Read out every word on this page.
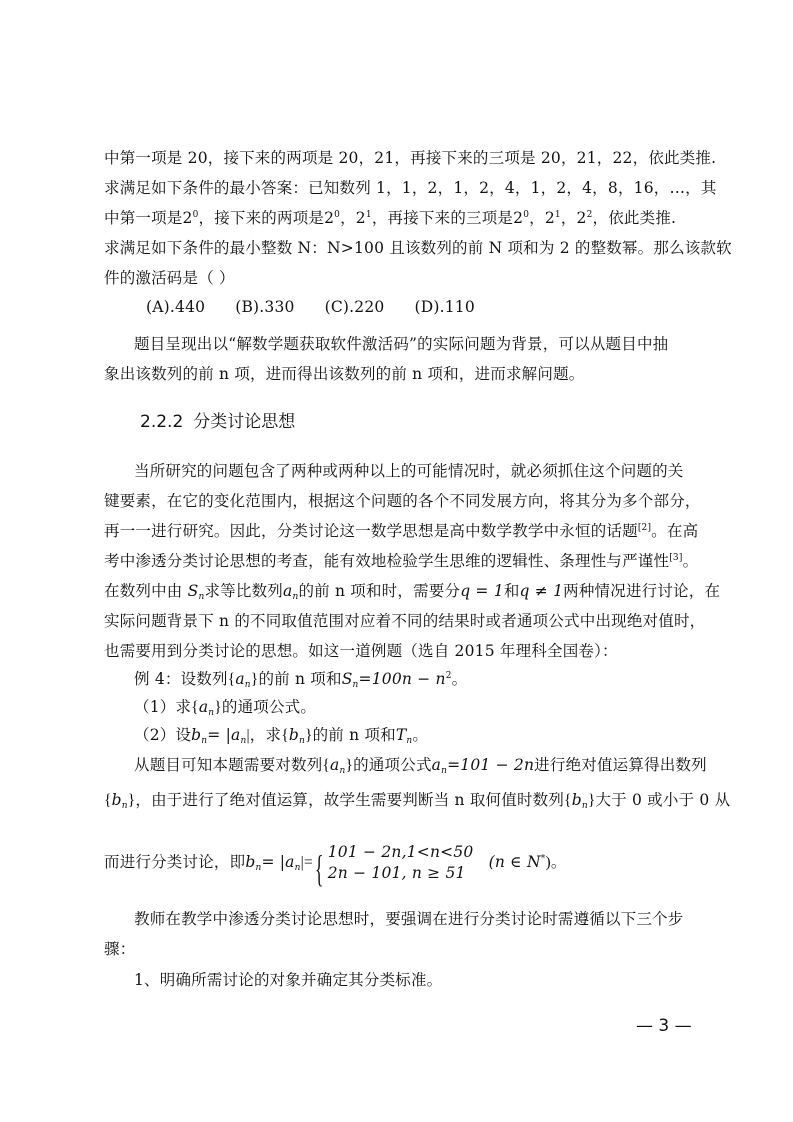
中第一项是 20，接下来的两项是 20，21，再接下来的三项是 20，21，22，依此类推.
求满足如下条件的最小答案：已知数列 1，1，2，1，2，4，1，2，4，8，16，…，其
中第一项是$2^0$，接下来的两项是$2^0$，$2^1$，再接下来的三项是$2^0$，$2^1$，$2^2$，依此类推.
求满足如下条件的最小整数 N：N>100 且该数列的前 N 项和为 2 的整数幂。那么该款软
件的激活码是（ ）
(A).440 (B).330 (C).220 (D).110
题目呈现出以“解数学题获取软件激活码”的实际问题为背景，可以从题目中抽
象出该数列的前 n 项，进而得出该数列的前 n 项和，进而求解问题。
2.2.2 分类讨论思想
当所研究的问题包含了两种或两种以上的可能情况时，就必须抓住这个问题的关
键要素，在它的变化范围内，根据这个问题的各个不同发展方向，将其分为多个部分，
再一一进行研究。因此，分类讨论这一数学思想是高中数学教学中永恒的话题[2]。在高
考中渗透分类讨论思想的考查，能有效地检验学生思维的逻辑性、条理性与严谨性[3]。
在数列中由 $S_n$求等比数列$a_n$的前 n 项和时，需要分q = 1和q ≠ 1两种情况进行讨论，在
实际问题背景下 n 的不同取值范围对应着不同的结果时或者通项公式中出现绝对值时，
也需要用到分类讨论的思想。如这一道例题（选自 2015 年理科全国卷）：
例 4：设数列$\{a_n\}$的前 n 项和$S_n=100n - n^2$。
（1）求$\{a_n\}$的通项公式。
（2）设$b_n= |a_n|$，求$\{b_n\}$的前 n 项和$T_n$。
从题目可知本题需要对数列$\{a_n\}$的通项公式$a_n=101 - 2n$进行绝对值运算得出数列
$\{b_n\}$，由于进行了绝对值运算，故学生需要判断当 n 取何值时数列$\{b_n\}$大于 0 或小于 0 从
而进行分类讨论，即$b_n= |a_n|=$ { 101 − 2n,1<n<50
2n − 101, n ≥ 51
(n ∈ N*)。
教师在教学中渗透分类讨论思想时，要强调在进行分类讨论时需遵循以下三个步
骤：
1、明确所需讨论的对象并确定其分类标准。
— 3 —
